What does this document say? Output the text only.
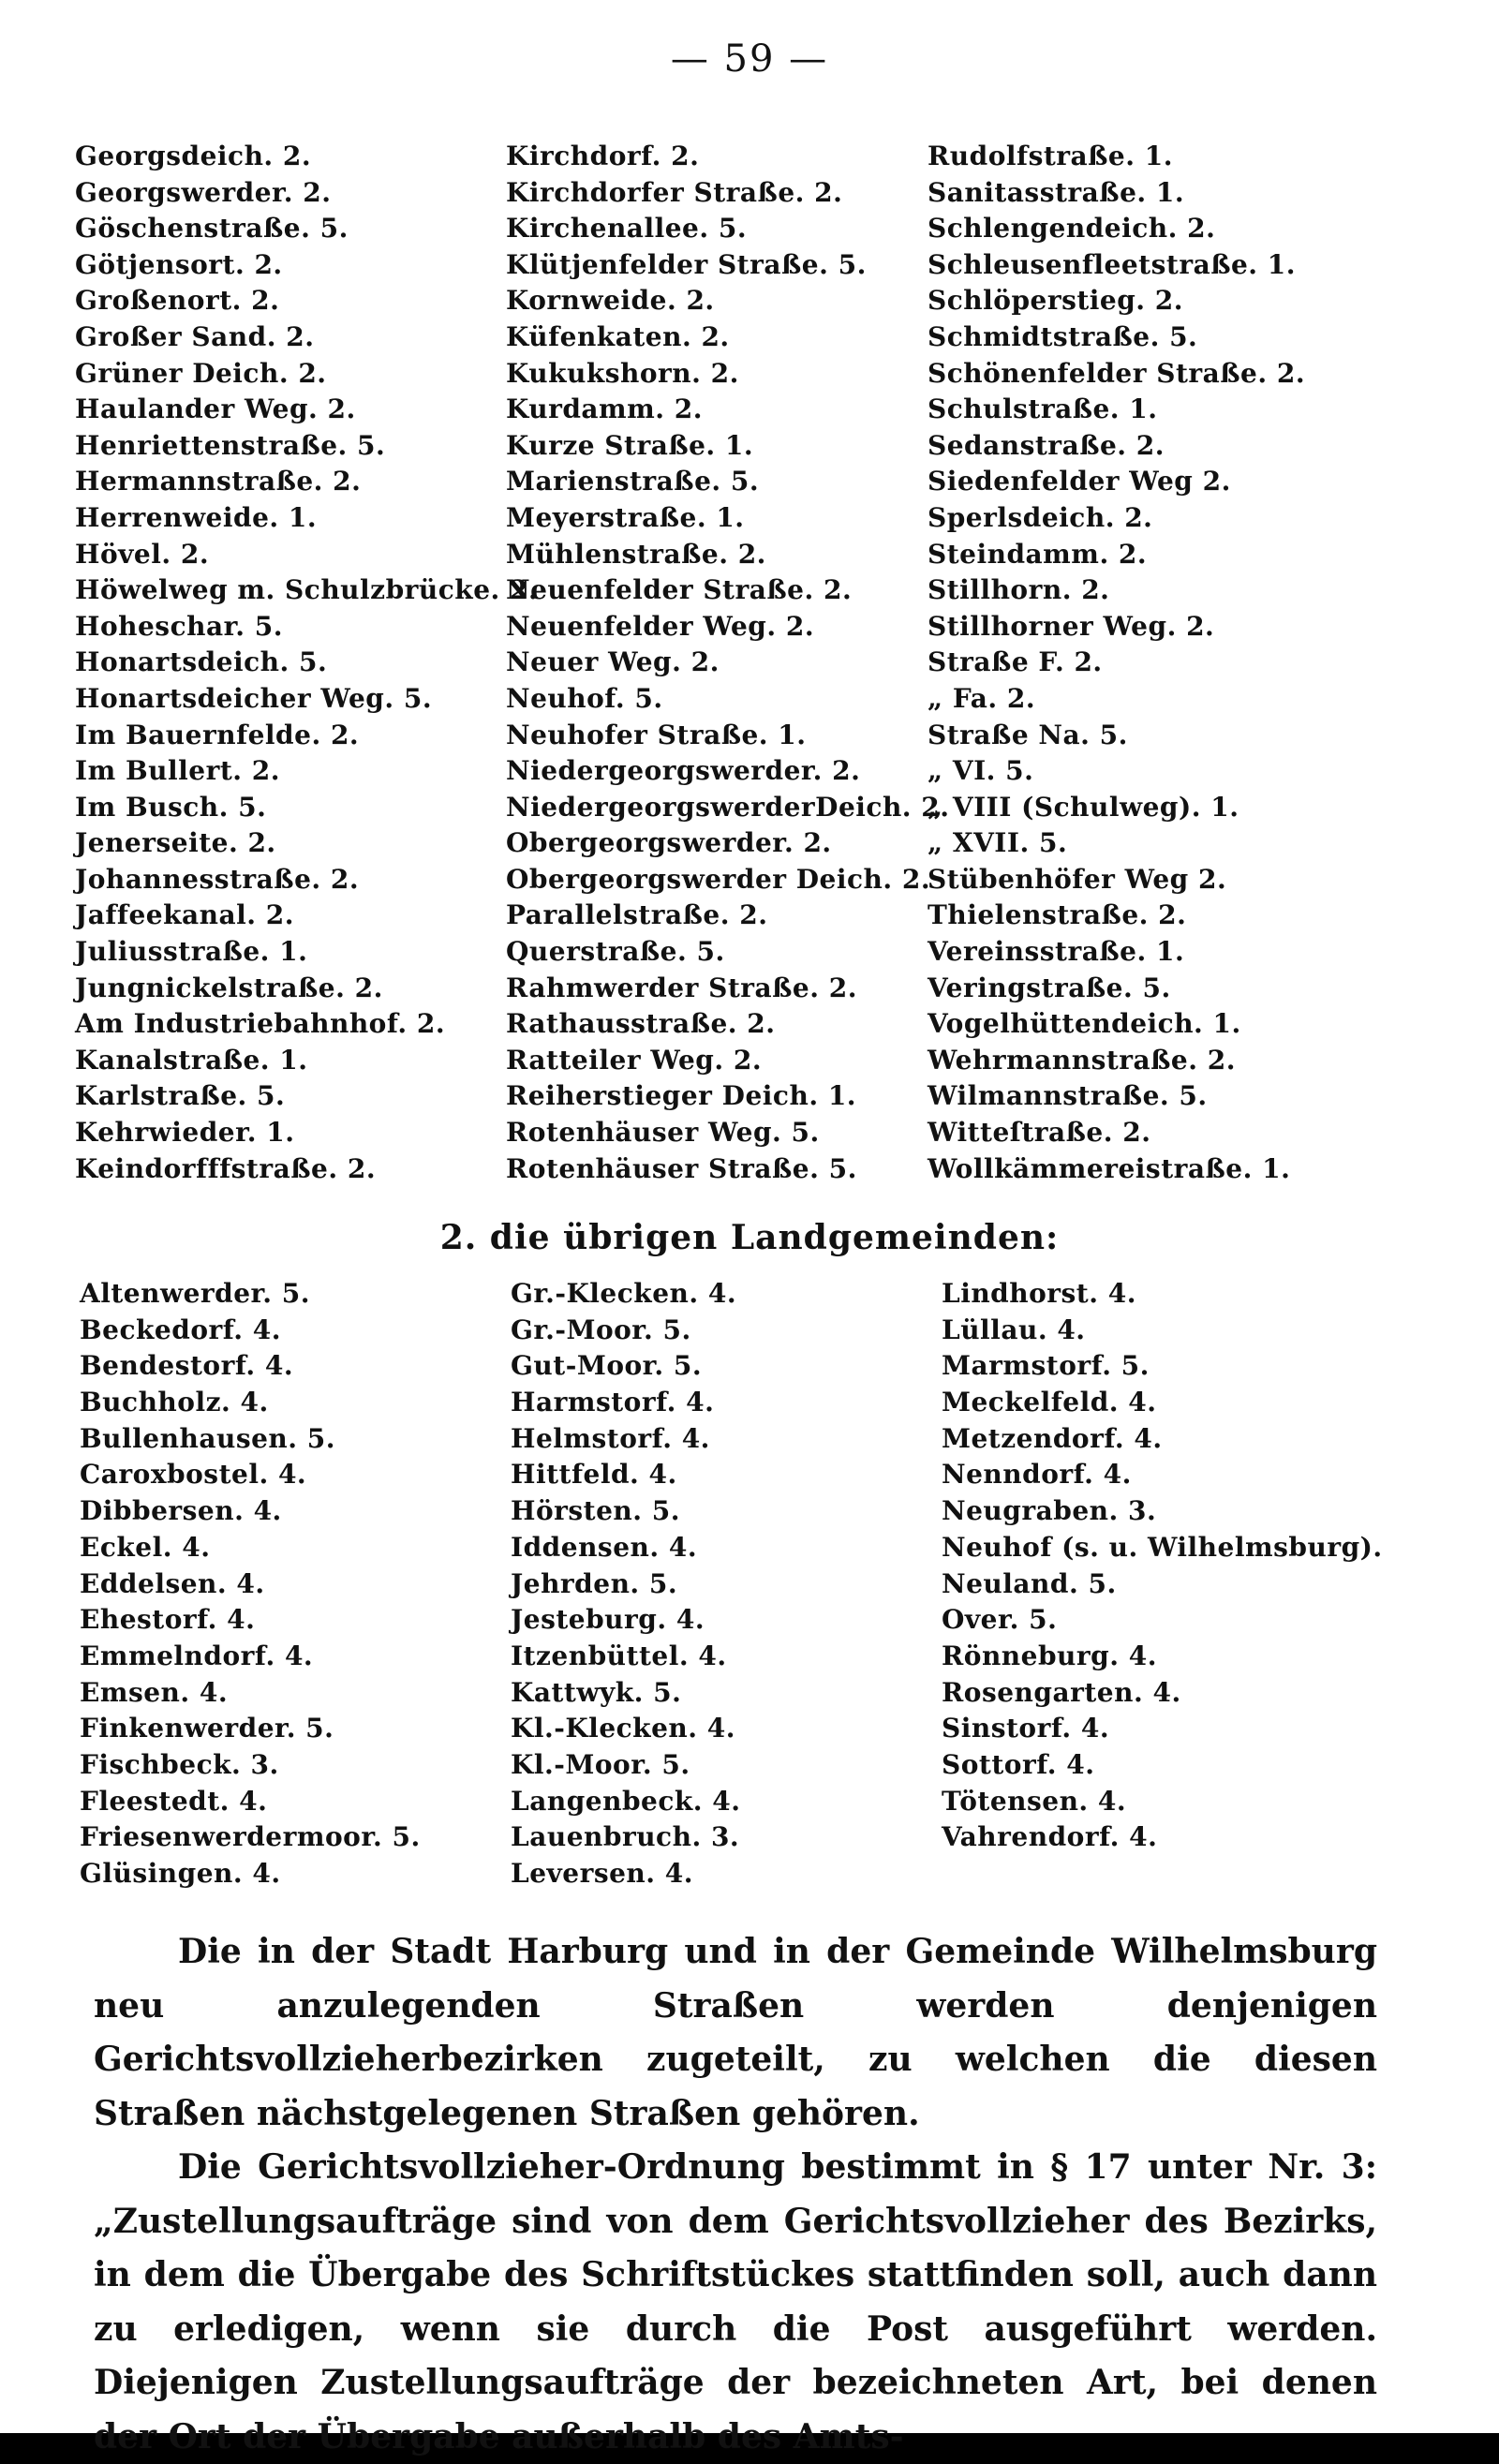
— 59 —
Georgsdeich. 2.
Georgswerder. 2.
Göschenstraße. 5.
Götjensort. 2.
Großenort. 2.
Großer Sand. 2.
Grüner Deich. 2.
Haulander Weg. 2.
Henriettenstraße. 5.
Hermannstraße. 2.
Herrenweide. 1.
Hövel. 2.
Höwelweg m. Schulzbrücke. 2.
Hoheschar. 5.
Honartsdeich. 5.
Honartsdeicher Weg. 5.
Im Bauernfelde. 2.
Im Bullert. 2.
Im Busch. 5.
Jenerseite. 2.
Johannesstraße. 2.
Jaffeekanal. 2.
Juliusstraße. 1.
Jungnickelstraße. 2.
Am Industriebahnhof. 2.
Kanalstraße. 1.
Karlstraße. 5.
Kehrwieder. 1.
Keindorfffstraße. 2.
Kirchdorf. 2.
Kirchdorfer Straße. 2.
Kirchenallee. 5.
Klütjenfelder Straße. 5.
Kornweide. 2.
Küfenkaten. 2.
Kukukshorn. 2.
Kurdamm. 2.
Kurze Straße. 1.
Marienstraße. 5.
Meyerstraße. 1.
Mühlenstraße. 2.
Neuenfelder Straße. 2.
Neuenfelder Weg. 2.
Neuer Weg. 2.
Neuhof. 5.
Neuhofer Straße. 1.
Niedergeorgswerder. 2.
NiedergeorgswerderDeich. 2.
Obergeorgswerder. 2.
Obergeorgswerder Deich. 2.
Parallelstraße. 2.
Querstraße. 5.
Rahmwerder Straße. 2.
Rathausstraße. 2.
Ratteiler Weg. 2.
Reiherstieger Deich. 1.
Rotenhäuser Weg. 5.
Rotenhäuser Straße. 5.
Rudolfstraße. 1.
Sanitasstraße. 1.
Schlengendeich. 2.
Schleusenfleetstraße. 1.
Schlöperstieg. 2.
Schmidtstraße. 5.
Schönenfelder Straße. 2.
Schulstraße. 1.
Sedanstraße. 2.
Siedenfelder Weg 2.
Sperlsdeich. 2.
Steindamm. 2.
Stillhorn. 2.
Stillhorner Weg. 2.
Straße F. 2.
„ Fa. 2.
Straße Na. 5.
„ VI. 5.
„ VIII (Schulweg). 1.
„ XVII. 5.
Stübenhöfer Weg 2.
Thielenstraße. 2.
Vereinsstraße. 1.
Veringstraße. 5.
Vogelhüttendeich. 1.
Wehrmannstraße. 2.
Wilmannstraße. 5.
Witteſtraße. 2.
Wollkämmereistraße. 1.
2. die übrigen Landgemeinden:
Altenwerder. 5.
Beckedorf. 4.
Bendestorf. 4.
Buchholz. 4.
Bullenhausen. 5.
Caroxbostel. 4.
Dibbersen. 4.
Eckel. 4.
Eddelsen. 4.
Ehestorf. 4.
Emmelndorf. 4.
Emsen. 4.
Finkenwerder. 5.
Fischbeck. 3.
Fleestedt. 4.
Friesenwerdermoor. 5.
Glüsingen. 4.
Gr.-Klecken. 4.
Gr.-Moor. 5.
Gut-Moor. 5.
Harmstorf. 4.
Helmstorf. 4.
Hittfeld. 4.
Hörsten. 5.
Iddensen. 4.
Jehrden. 5.
Jesteburg. 4.
Itzenbüttel. 4.
Kattwyk. 5.
Kl.-Klecken. 4.
Kl.-Moor. 5.
Langenbeck. 4.
Lauenbruch. 3.
Leversen. 4.
Lindhorst. 4.
Lüllau. 4.
Marmstorf. 5.
Meckelfeld. 4.
Metzendorf. 4.
Nenndorf. 4.
Neugraben. 3.
Neuhof (s. u. Wilhelmsburg).
Neuland. 5.
Over. 5.
Rönneburg. 4.
Rosengarten. 4.
Sinstorf. 4.
Sottorf. 4.
Tötensen. 4.
Vahrendorf. 4.

Die in der Stadt Harburg und in der Gemeinde Wilhelmsburg neu anzulegenden Straßen werden denjenigen Gerichtsvollzieherbezirken zugeteilt, zu welchen die diesen Straßen nächstgelegenen Straßen gehören.

Die Gerichtsvollzieher-Ordnung bestimmt in § 17 unter Nr. 3: „Zustellungsaufträge sind von dem Gerichtsvollzieher des Bezirks, in dem die Übergabe des Schriftstückes stattfinden soll, auch dann zu erledigen, wenn sie durch die Post ausgeführt werden. Diejenigen Zustellungsaufträge der bezeichneten Art, bei denen der Ort der Übergabe außerhalb des Amts-
